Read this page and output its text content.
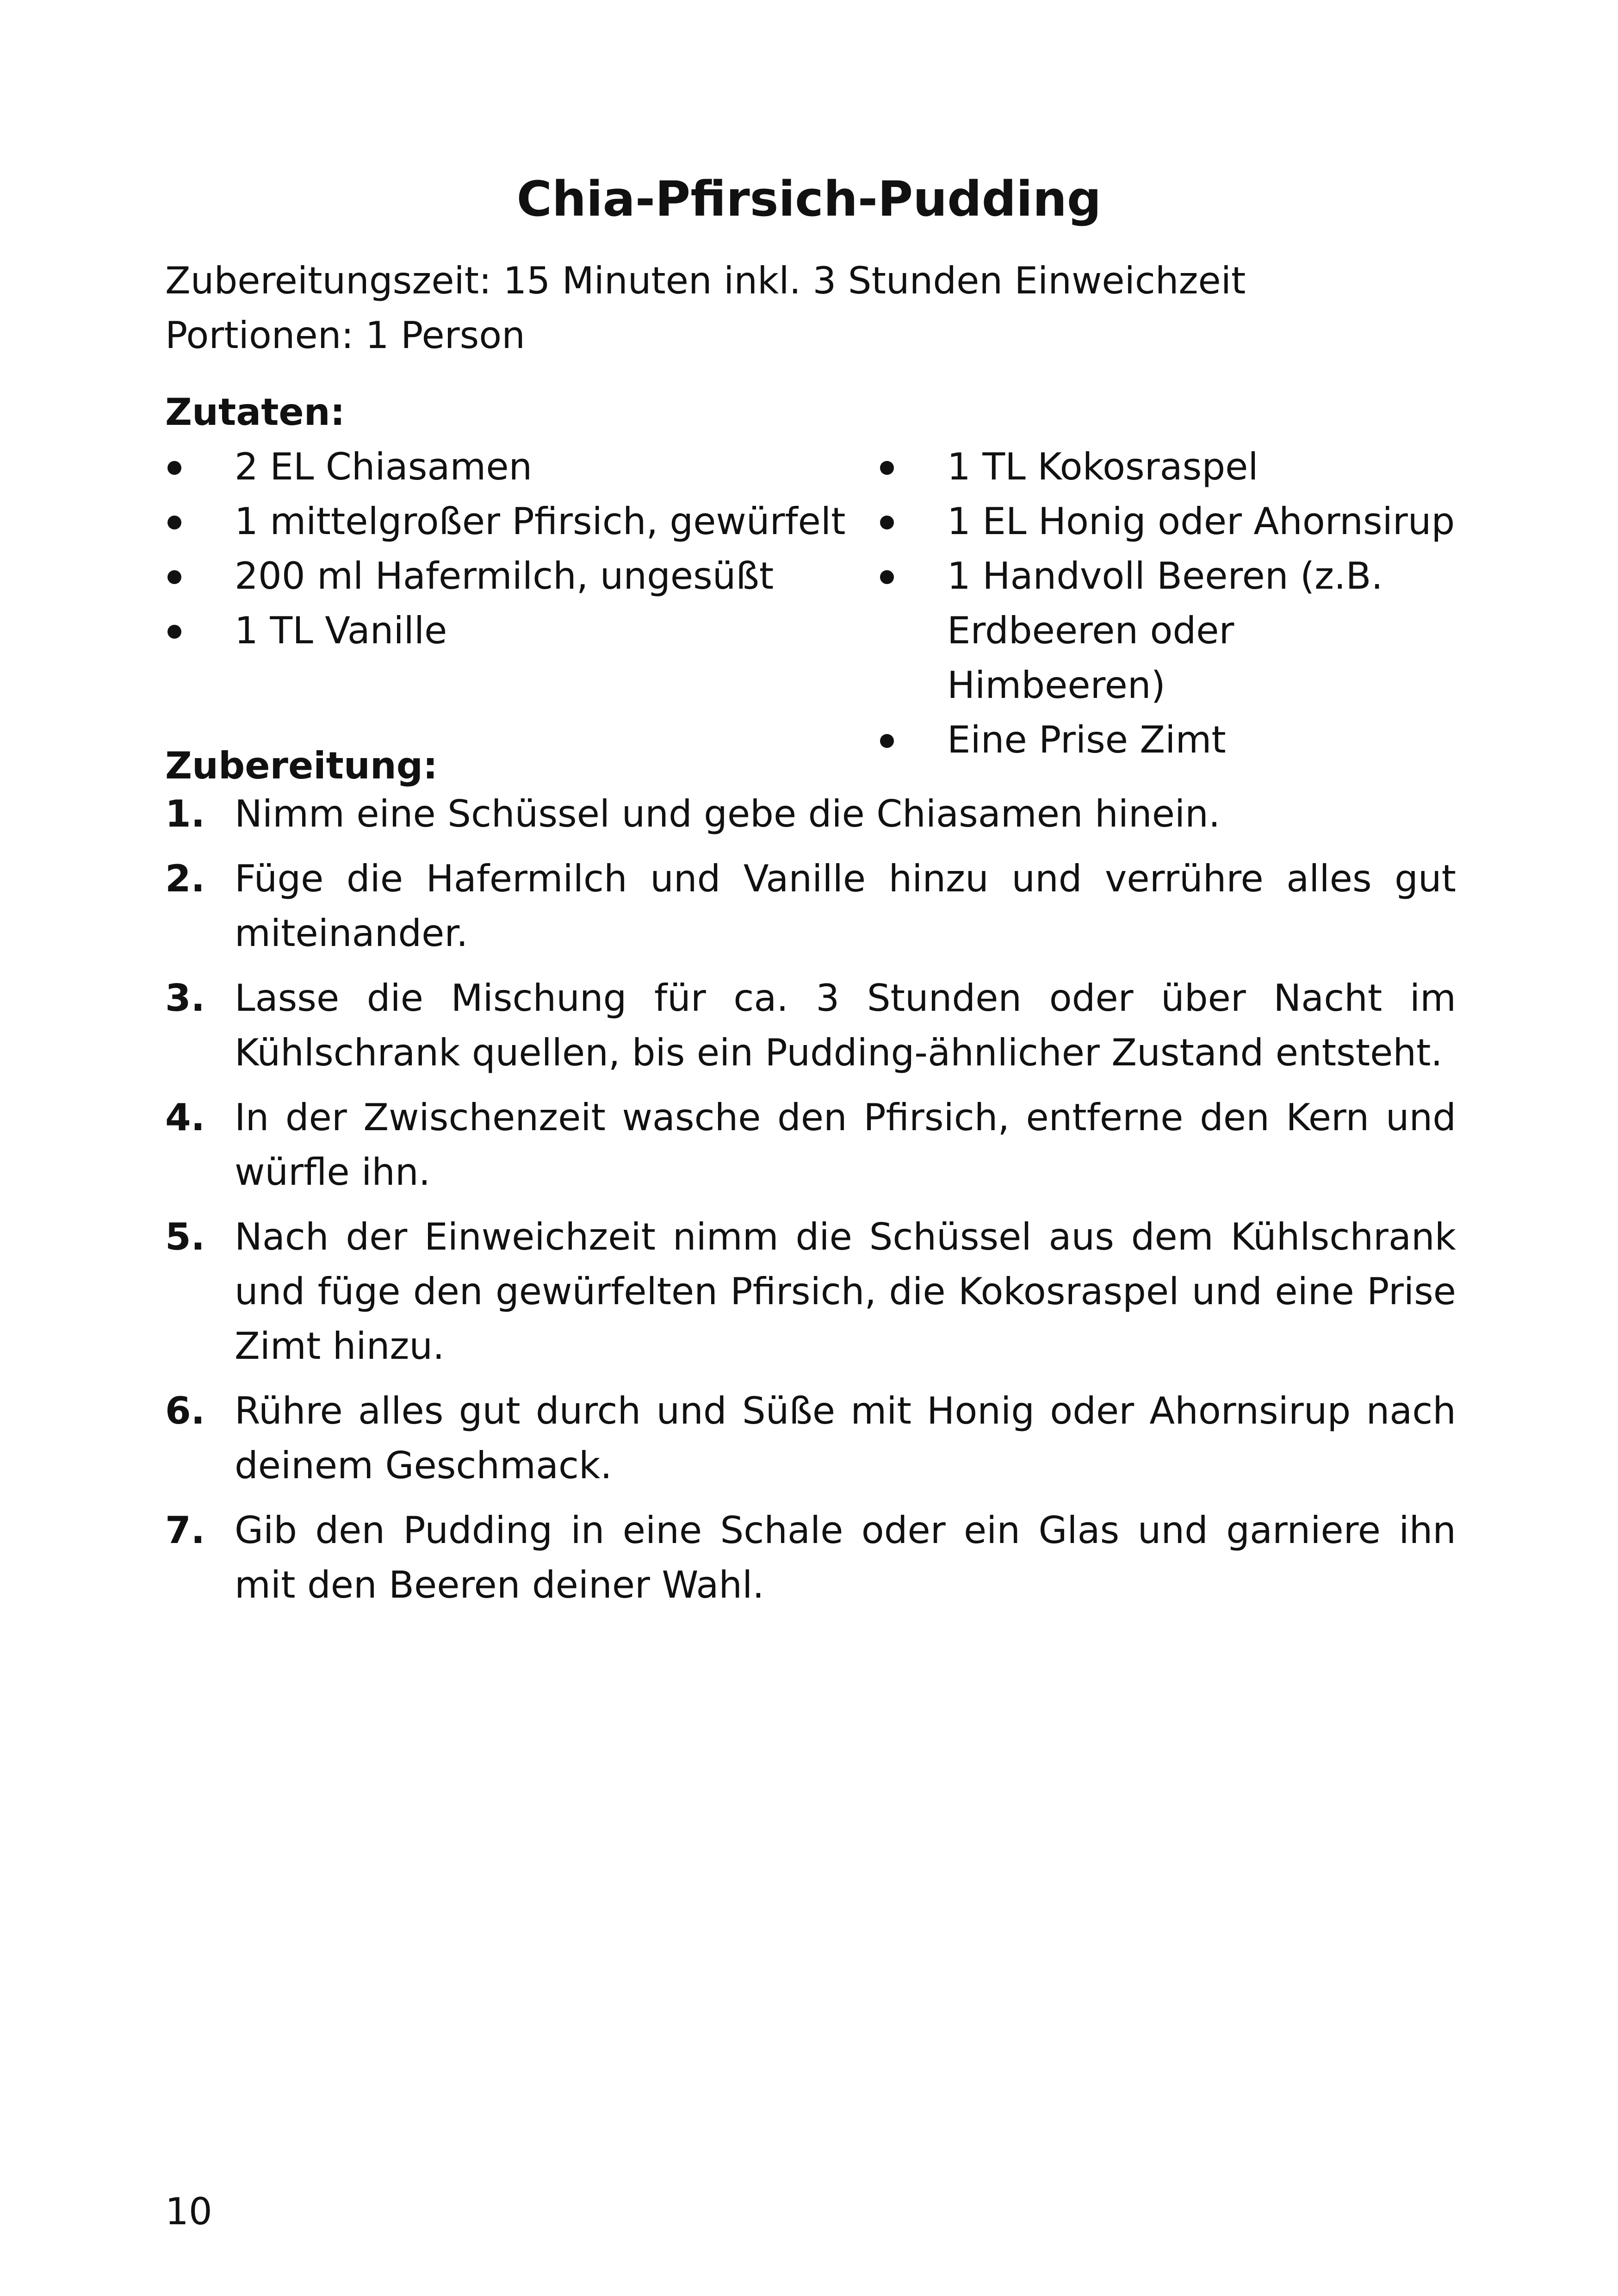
Chia-Pfirsich-Pudding
Zubereitungszeit: 15 Minuten inkl. 3 Stunden Einweichzeit
Portionen: 1 Person
Zutaten:
2 EL Chiasamen
1 mittelgroßer Pfirsich, gewürfelt
200 ml Hafermilch, ungesüßt
1 TL Vanille
1 TL Kokosraspel
1 EL Honig oder Ahornsirup
1 Handvoll Beeren (z.B. Erdbeeren oder Himbeeren)
Eine Prise Zimt
Zubereitung:
1. Nimm eine Schüssel und gebe die Chiasamen hinein.
2. Füge die Hafermilch und Vanille hinzu und verrühre alles gut miteinander.
3. Lasse die Mischung für ca. 3 Stunden oder über Nacht im Kühlschrank quellen, bis ein Pudding-ähnlicher Zustand entsteht.
4. In der Zwischenzeit wasche den Pfirsich, entferne den Kern und würfle ihn.
5. Nach der Einweichzeit nimm die Schüssel aus dem Kühlschrank und füge den gewürfelten Pfirsich, die Kokosraspel und eine Prise Zimt hinzu.
6. Rühre alles gut durch und Süße mit Honig oder Ahornsirup nach deinem Geschmack.
7. Gib den Pudding in eine Schale oder ein Glas und garniere ihn mit den Beeren deiner Wahl.
10
